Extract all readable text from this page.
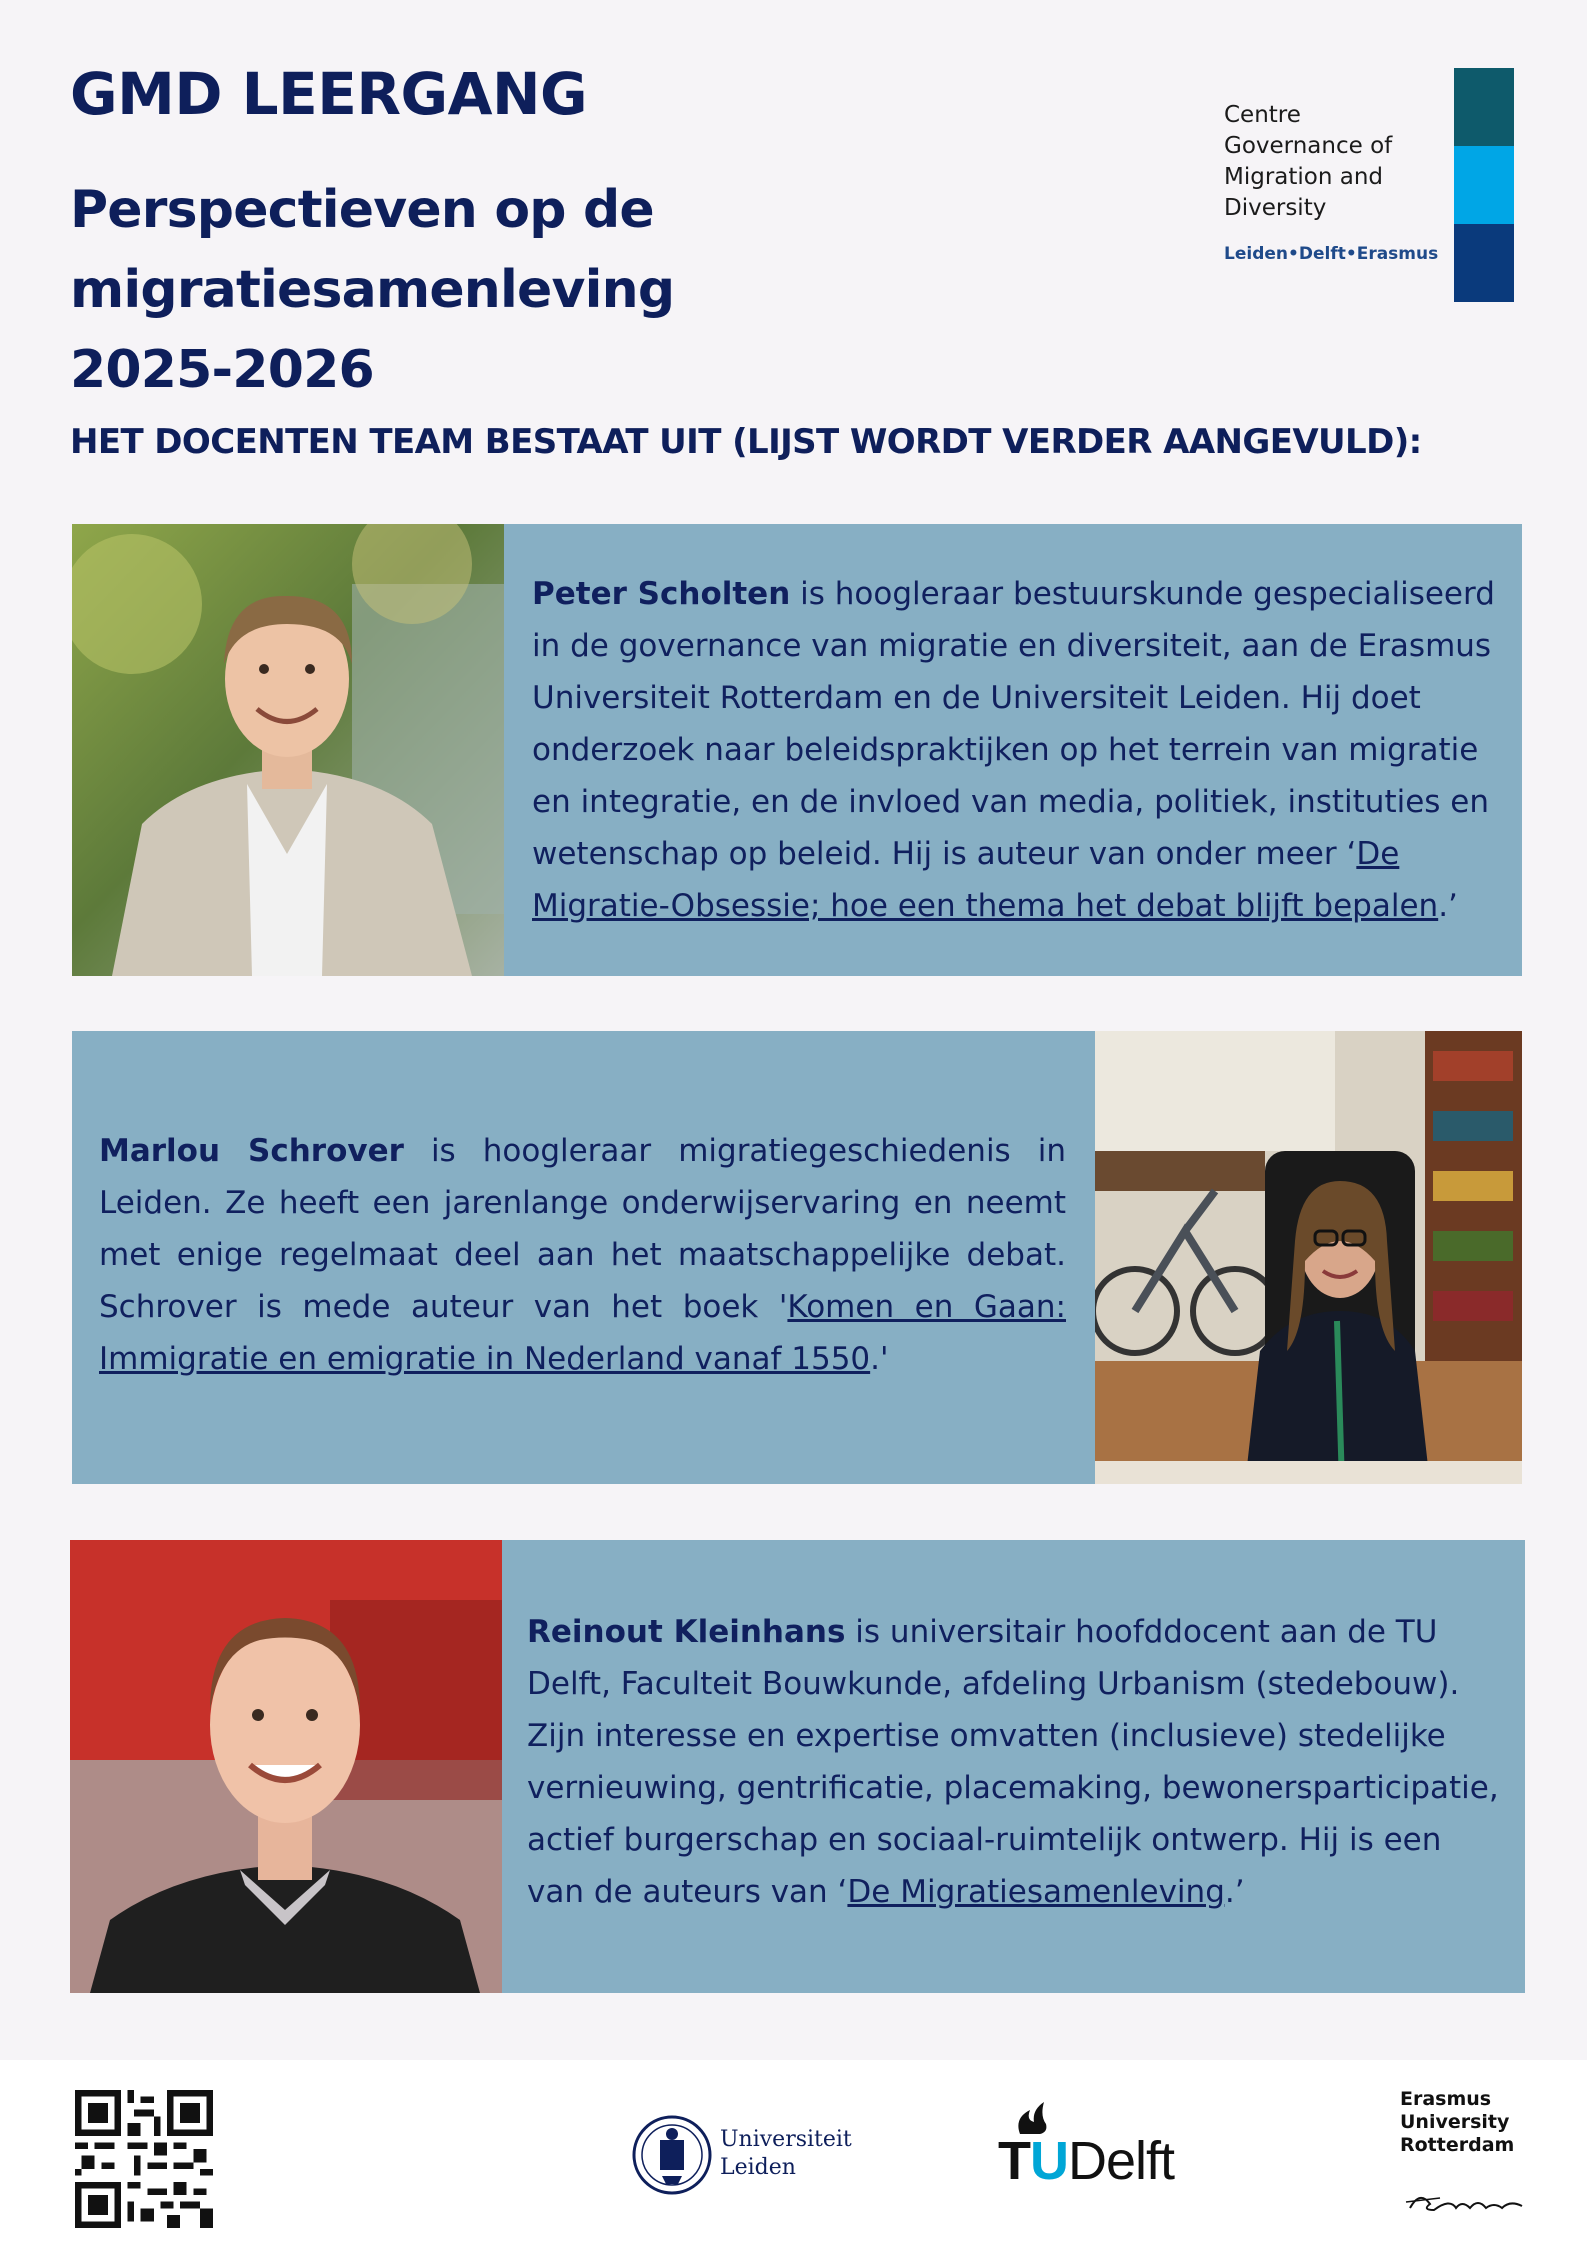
GMD LEERGANG
Perspectieven op de migratiesamenleving
2025-2026
Centre
Governance of
Migration and
Diversity
Leiden•Delft•Erasmus
HET DOCENTEN TEAM BESTAAT UIT (LIJST WORDT VERDER AANGEVULD):
Peter Scholten is hoogleraar bestuurskunde gespecialiseerd in de governance van migratie en diversiteit, aan de Erasmus Universiteit Rotterdam en de Universiteit Leiden. Hij doet onderzoek naar beleidspraktijken op het terrein van migratie en integratie, en de invloed van media, politiek, instituties en wetenschap op beleid. Hij is auteur van onder meer ‘De Migratie-Obsessie; hoe een thema het debat blijft bepalen.’
Marlou Schrover is hoogleraar migratiegeschiedenis in Leiden. Ze heeft een jarenlange onderwijservaring en neemt met enige regelmaat deel aan het maatschappelijke debat. Schrover is mede auteur van het boek 'Komen en Gaan: Immigratie en emigratie in Nederland vanaf 1550.'
Reinout Kleinhans is universitair hoofddocent aan de TU Delft, Faculteit Bouwkunde, afdeling Urbanism (stedebouw). Zijn interesse en expertise omvatten (inclusieve) stedelijke vernieuwing, gentrificatie, placemaking, bewonersparticipatie, actief burgerschap en sociaal-ruimtelijk ontwerp. Hij is een van de auteurs van ‘De Migratiesamenleving.’
Universiteit
Leiden	TUDelft
Erasmus
University
Rotterdam
